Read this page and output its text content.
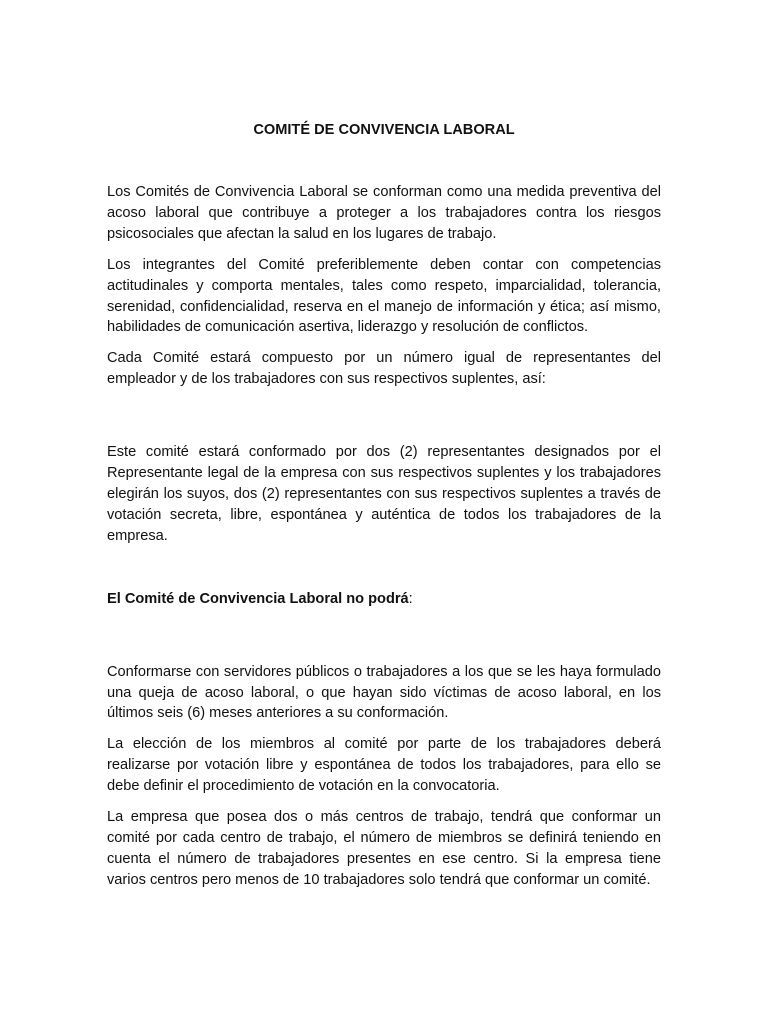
COMITÉ DE CONVIVENCIA LABORAL

Los Comités de Convivencia Laboral se conforman como una medida preventiva del acoso laboral que contribuye a proteger a los trabajadores contra los riesgos psicosociales que afectan la salud en los lugares de trabajo.

Los integrantes del Comité preferiblemente deben contar con competencias actitudinales y comporta mentales, tales como respeto, imparcialidad, tolerancia, serenidad, confidencialidad, reserva en el manejo de información y ética; así mismo, habilidades de comunicación asertiva, liderazgo y resolución de conflictos.

Cada Comité estará compuesto por un número igual de representantes del empleador y de los trabajadores con sus respectivos suplentes, así:

Este comité estará conformado por dos (2) representantes designados por el Representante legal de la empresa con sus respectivos suplentes y los trabajadores elegirán los suyos, dos (2) representantes con sus respectivos suplentes a través de votación secreta, libre, espontánea y auténtica de todos los trabajadores de la empresa.

El Comité de Convivencia Laboral no podrá:

Conformarse con servidores públicos o trabajadores a los que se les haya formulado una queja de acoso laboral, o que hayan sido víctimas de acoso laboral, en los últimos seis (6) meses anteriores a su conformación.

La elección de los miembros al comité por parte de los trabajadores deberá realizarse por votación libre y espontánea de todos los trabajadores, para ello se debe definir el procedimiento de votación en la convocatoria.

La empresa que posea dos o más centros de trabajo, tendrá que conformar un comité por cada centro de trabajo, el número de miembros se definirá teniendo en cuenta el número de trabajadores presentes en ese centro. Si la empresa tiene varios centros pero menos de 10 trabajadores solo tendrá que conformar un comité.
